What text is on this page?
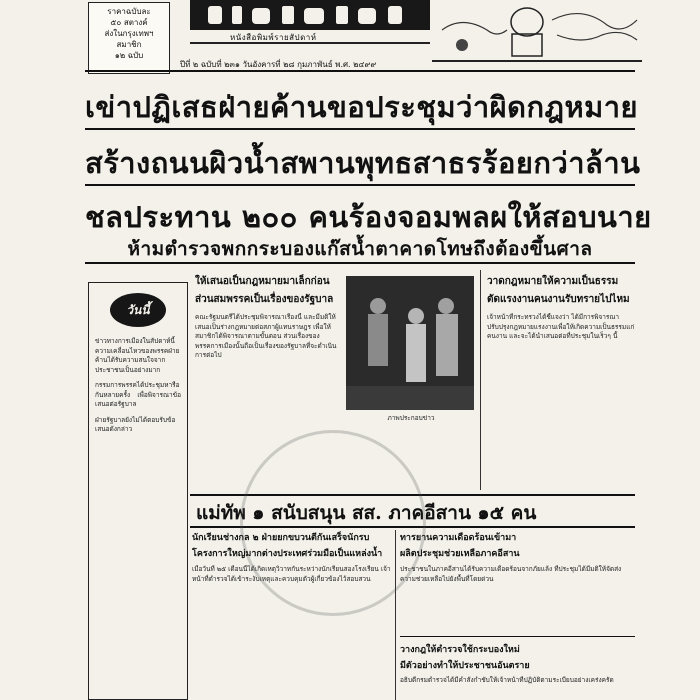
ราคาฉบับละ
๕๐ สตางค์
ส่งในกรุงเทพฯ
สมาชิก
๑๒ ฉบับ
หนังสือพิมพ์รายสัปดาห์
ปีที่ ๒ ฉบับที่ ๒๓๑ วันอังคารที่ ๒๘ กุมภาพันธ์ พ.ศ. ๒๔๙๙
เข่าปฏิเสธฝ่ายค้านขอประชุมว่าผิดกฎหมาย
สร้างถนนผิวน้ำสพานพุทธสาธรร้อยกว่าล้าน
ชลประทาน ๒๐๐ คนร้องจอมพลผให้สอบนาย
ห้ามตำรวจพกกระบองแก๊สน้ำตาคาดโทษถึงต้องขึ้นศาล
วันนี้

ข่าวทางการเมืองในสัปดาห์นี้ ความเคลื่อนไหวของพรรคฝ่ายค้านได้รับความสนใจจากประชาชนเป็นอย่างมาก

กรรมการพรรคได้ประชุมหารือกันหลายครั้ง เพื่อพิจารณาข้อเสนอต่อรัฐบาล

ฝ่ายรัฐบาลยังไม่ได้ตอบรับข้อเสนอดังกล่าว

ให้เสนอเป็นกฎหมายมาเล็กก่อน
ส่วนสมพรรคเป็นเรื่องของรัฐบาล
คณะรัฐมนตรีได้ประชุมพิจารณาเรื่องนี้ และมีมติให้เสนอเป็นร่างกฎหมายต่อสภาผู้แทนราษฎร เพื่อให้สมาชิกได้พิจารณาตามขั้นตอน ส่วนเรื่องของพรรคการเมืองนั้นถือเป็นเรื่องของรัฐบาลที่จะดำเนินการต่อไป
ภาพประกอบข่าว
วาดกฎหมายให้ความเป็นธรรม
ตัดแรงงานคนงานรับทรายไปไหม
เจ้าหน้าที่กระทรวงได้ชี้แจงว่า ได้มีการพิจารณาปรับปรุงกฎหมายแรงงานเพื่อให้เกิดความเป็นธรรมแก่คนงาน และจะได้นำเสนอต่อที่ประชุมในเร็วๆ นี้
แม่ทัพ ๑ สนับสนุน สส. ภาคอีสาน ๑๕ คน
นักเรียนช่างกล ๒ ฝ่ายยกขบวนตีกันเสร็จนักรบ
โครงการใหญ่มากต่างประเทศร่วมมือเป็นแหล่งน้ำ
เมื่อวันที่ ๒๕ เดือนนี้ได้เกิดเหตุวิวาทกันระหว่างนักเรียนสองโรงเรียน เจ้าหน้าที่ตำรวจได้เข้าระงับเหตุและควบคุมตัวผู้เกี่ยวข้องไว้สอบสวน
ทารยานความเดือดร้อนเข้ามา
ผลิตประชุมช่วยเหลือภาคอีสาน
ประชาชนในภาคอีสานได้รับความเดือดร้อนจากภัยแล้ง ที่ประชุมได้มีมติให้จัดส่งความช่วยเหลือไปยังพื้นที่โดยด่วน
วางกฎให้ตำรวจใช้กระบองใหม่
มีตัวอย่างทำให้ประชาชนอันตราย
อธิบดีกรมตำรวจได้มีคำสั่งกำชับให้เจ้าหน้าที่ปฏิบัติตามระเบียบอย่างเคร่งครัด
